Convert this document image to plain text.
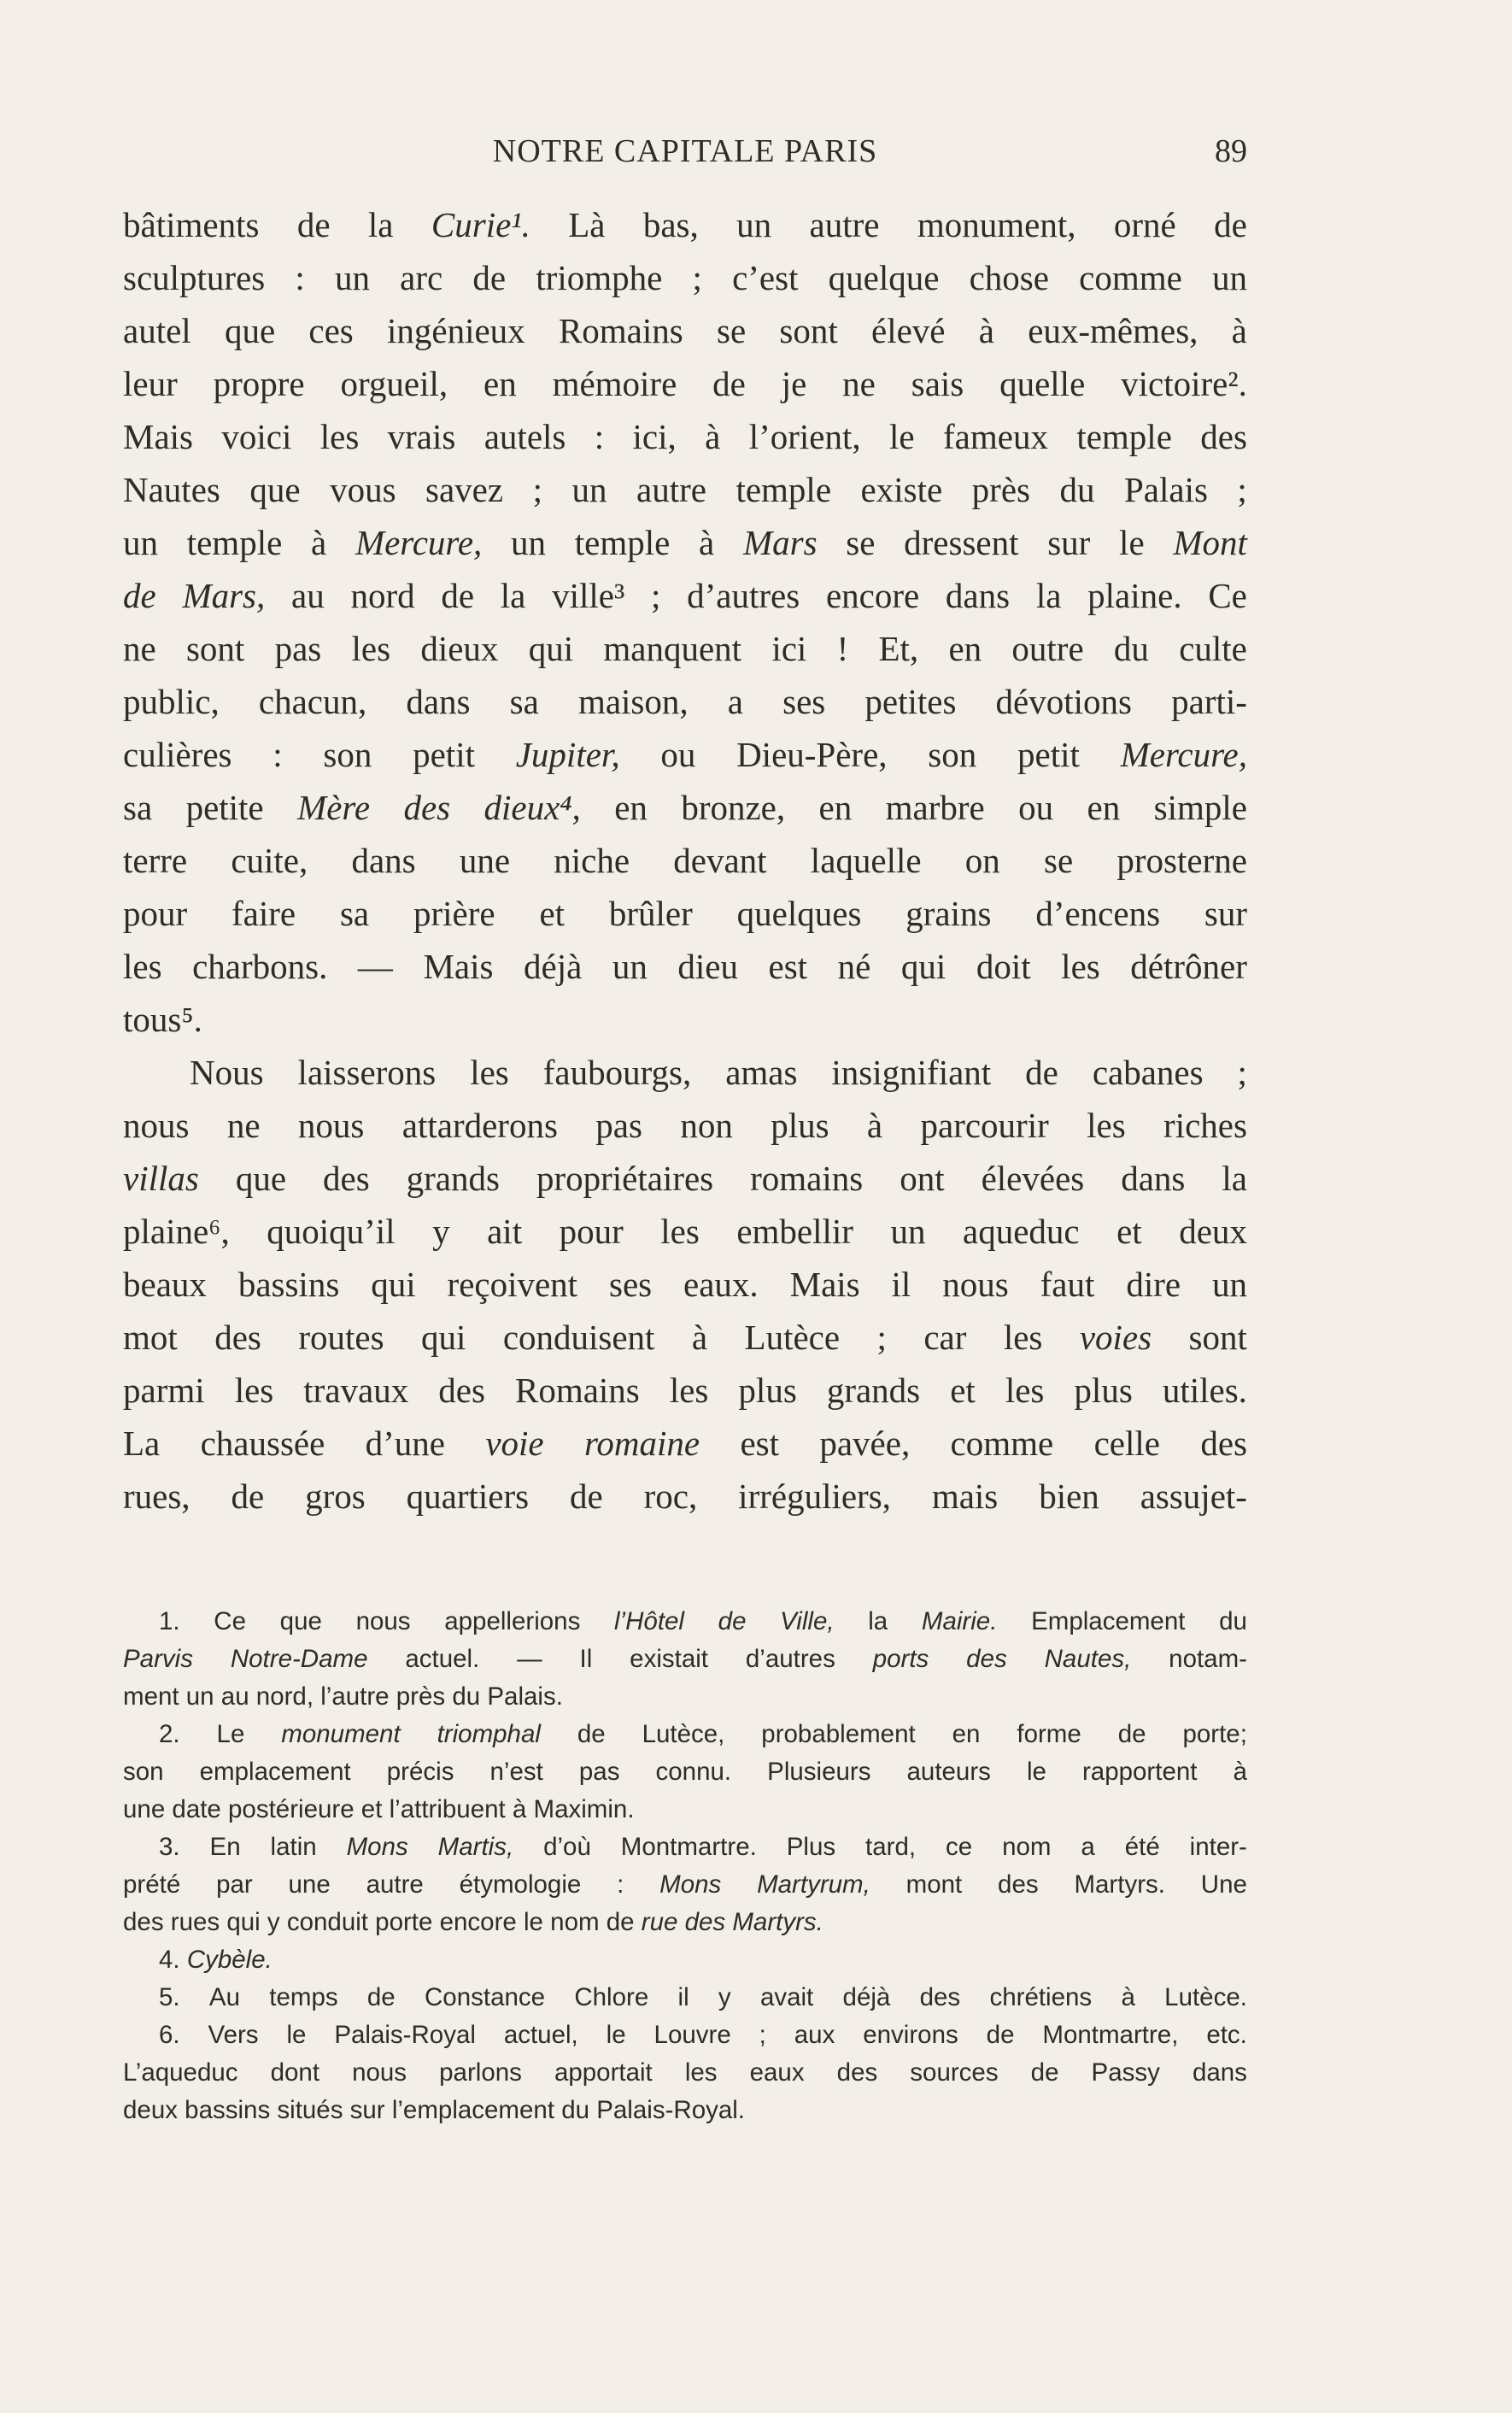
NOTRE CAPITALE PARIS	89
bâtiments de la Curie¹. Là bas, un autre monument, orné de
sculptures : un arc de triomphe ; c’est quelque chose comme un
autel que ces ingénieux Romains se sont élevé à eux-mêmes, à
leur propre orgueil, en mémoire de je ne sais quelle victoire².
Mais voici les vrais autels : ici, à l’orient, le fameux temple des
Nautes que vous savez ; un autre temple existe près du Palais ;
un temple à Mercure, un temple à Mars se dressent sur le Mont
de Mars, au nord de la ville³ ; d’autres encore dans la plaine. Ce
ne sont pas les dieux qui manquent ici ! Et, en outre du culte
public, chacun, dans sa maison, a ses petites dévotions parti-
culières : son petit Jupiter, ou Dieu-Père, son petit Mercure,
sa petite Mère des dieux⁴, en bronze, en marbre ou en simple
terre cuite, dans une niche devant laquelle on se prosterne
pour faire sa prière et brûler quelques grains d’encens sur
les charbons. — Mais déjà un dieu est né qui doit les détrôner
tous⁵.
Nous laisserons les faubourgs, amas insignifiant de cabanes ;
nous ne nous attarderons pas non plus à parcourir les riches
villas que des grands propriétaires romains ont élevées dans la
plaine⁶, quoiqu’il y ait pour les embellir un aqueduc et deux
beaux bassins qui reçoivent ses eaux. Mais il nous faut dire un
mot des routes qui conduisent à Lutèce ; car les voies sont
parmi les travaux des Romains les plus grands et les plus utiles.
La chaussée d’une voie romaine est pavée, comme celle des
rues, de gros quartiers de roc, irréguliers, mais bien assujet-
1. Ce que nous appellerions l’Hôtel de Ville, la Mairie. Emplacement du
Parvis Notre-Dame actuel. — Il existait d’autres ports des Nautes, notam-
ment un au nord, l’autre près du Palais.
2. Le monument triomphal de Lutèce, probablement en forme de porte;
son emplacement précis n’est pas connu. Plusieurs auteurs le rapportent à
une date postérieure et l’attribuent à Maximin.
3. En latin Mons Martis, d’où Montmartre. Plus tard, ce nom a été inter-
prété par une autre étymologie : Mons Martyrum, mont des Martyrs. Une
des rues qui y conduit porte encore le nom de rue des Martyrs.
4. Cybèle.
5. Au temps de Constance Chlore il y avait déjà des chrétiens à Lutèce.
6. Vers le Palais-Royal actuel, le Louvre ; aux environs de Montmartre, etc.
L’aqueduc dont nous parlons apportait les eaux des sources de Passy dans
deux bassins situés sur l’emplacement du Palais-Royal.
